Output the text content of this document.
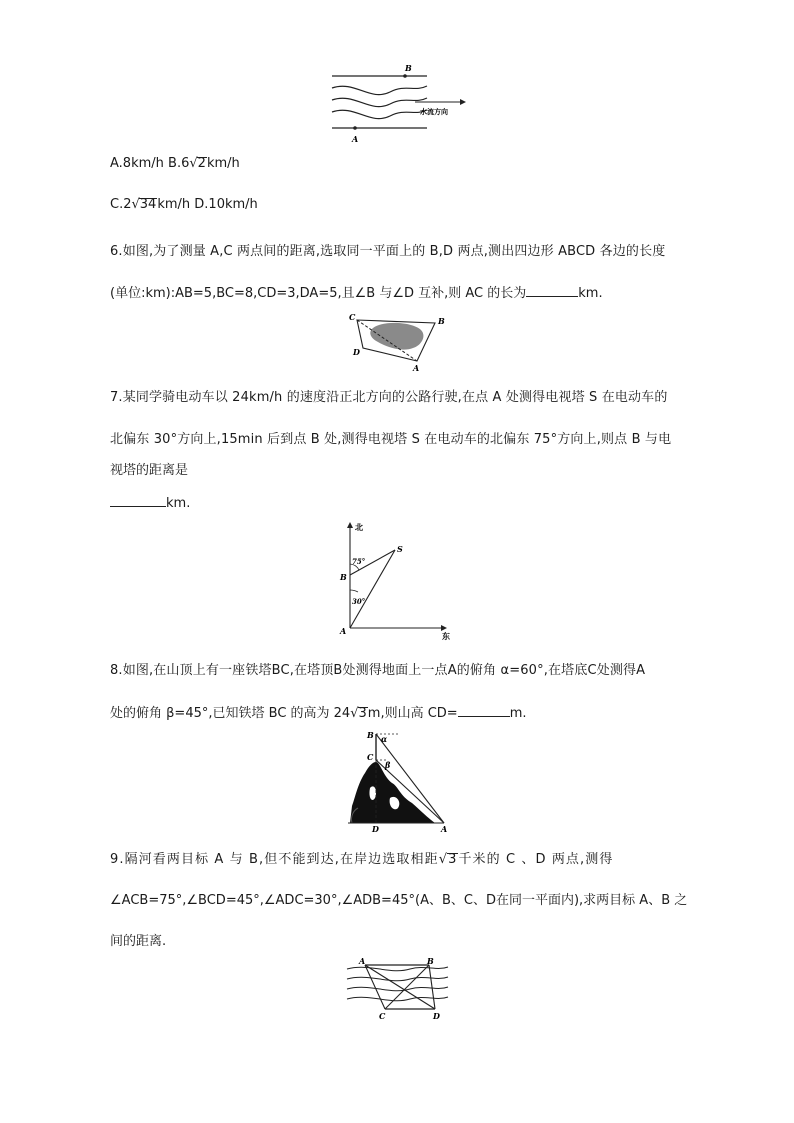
B
水流方向
A
A.8km/h B.6√2km/h
C.2√34km/h D.10km/h
6.如图,为了测量 A,C 两点间的距离,选取同一平面上的 B,D 两点,测出四边形 ABCD 各边的长度
(单位:km):AB=5,BC=8,CD=3,DA=5,且∠B 与∠D 互补,则 AC 的长为	km.
C	B
D
A
7.某同学骑电动车以 24km/h 的速度沿正北方向的公路行驶,在点 A 处测得电视塔 S 在电动车的
北偏东 30°方向上,15min 后到点 B 处,测得电视塔 S 在电动车的北偏东 75°方向上,则点 B 与电
视塔的距离是
km.
北
东
S
B
A
75°
30°
8.如图,在山顶上有一座铁塔BC,在塔顶B处测得地面上一点A的俯角 α=60°,在塔底C处测得A
处的俯角 β=45°,已知铁塔 BC 的高为 24√3m,则山高 CD=	m.
B α
C
β
D	A
9.隔河看两目标 A 与 B,但不能到达,在岸边选取相距√3千米的 C 、D 两点,测得
∠ACB=75°,∠BCD=45°,∠ADC=30°,∠ADB=45°(A、B、C、D在同一平面内),求两目标 A、B 之
间的距离.
A	B
C	D
